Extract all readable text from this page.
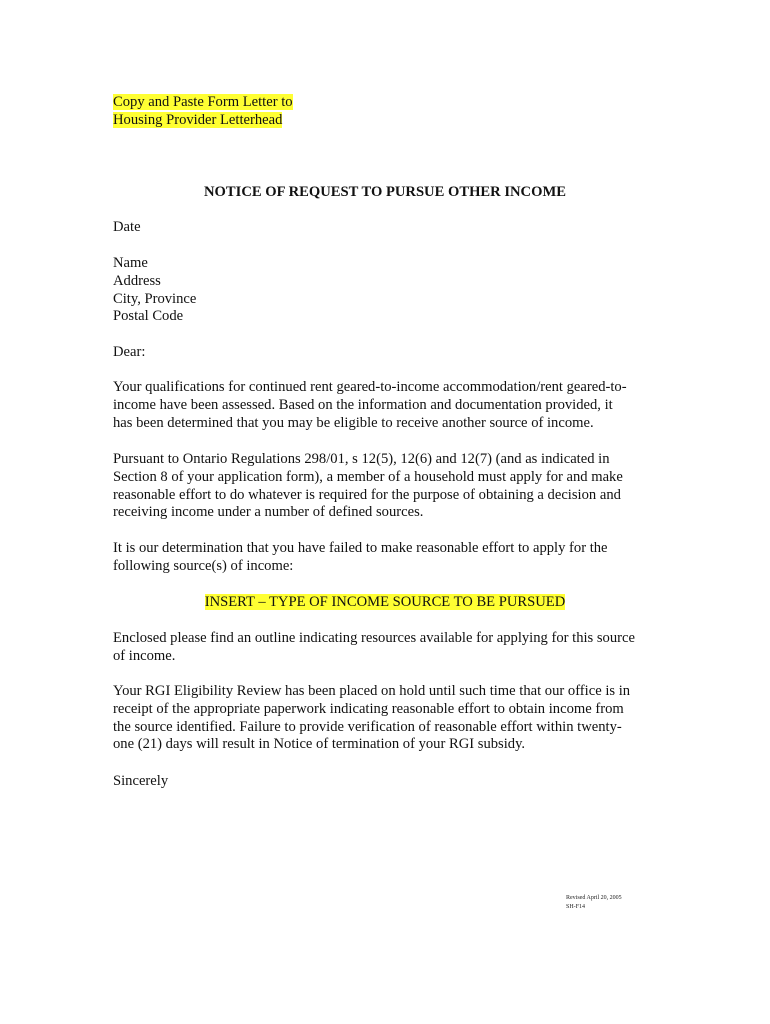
Copy and Paste Form Letter to
Housing Provider Letterhead
NOTICE OF REQUEST TO PURSUE OTHER INCOME
Date
Name
Address
City, Province
Postal Code
Dear:
Your qualifications for continued rent geared-to-income accommodation/rent geared-to-
income have been assessed. Based on the information and documentation provided, it
has been determined that you may be eligible to receive another source of income.
Pursuant to Ontario Regulations 298/01, s 12(5), 12(6) and 12(7) (and as indicated in
Section 8 of your application form), a member of a household must apply for and make
reasonable effort to do whatever is required for the purpose of obtaining a decision and
receiving income under a number of defined sources.
It is our determination that you have failed to make reasonable effort to apply for the
following source(s) of income:
INSERT – TYPE OF INCOME SOURCE TO BE PURSUED
Enclosed please find an outline indicating resources available for applying for this source
of income.
Your RGI Eligibility Review has been placed on hold until such time that our office is in
receipt of the appropriate paperwork indicating reasonable effort to obtain income from
the source identified. Failure to provide verification of reasonable effort within twenty-
one (21) days will result in Notice of termination of your RGI subsidy.
Sincerely
Revised April 20, 2005
SH-F14
